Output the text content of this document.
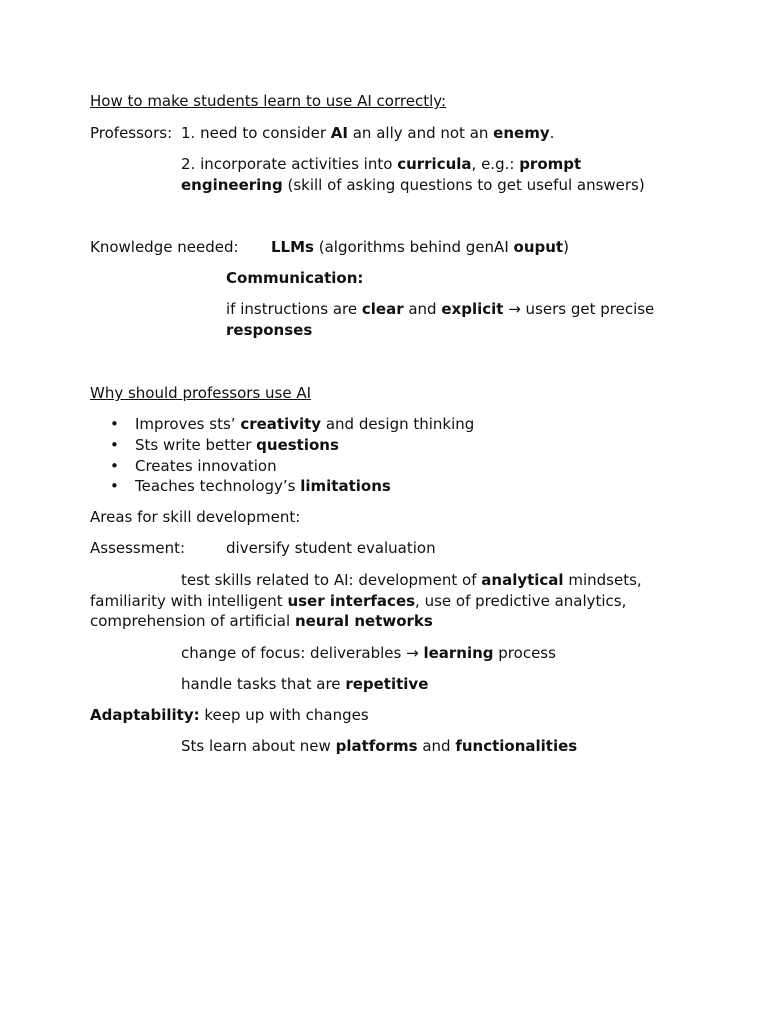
How to make students learn to use AI correctly:
Professors: 1. need to consider AI an ally and not an enemy.
2. incorporate activities into curricula, e.g.: prompt
engineering (skill of asking questions to get useful answers)
Knowledge needed: LLMs (algorithms behind genAI ouput)
Communication:
if instructions are clear and explicit → users get precise
responses
Why should professors use AI
• Improves sts’ creativity and design thinking
• Sts write better questions
• Creates innovation
• Teaches technology’s limitations
Areas for skill development:
Assessment:	diversify student evaluation
test skills related to AI: development of analytical mindsets,
familiarity with intelligent user interfaces, use of predictive analytics,
comprehension of artificial neural networks
change of focus: deliverables → learning process
handle tasks that are repetitive
Adaptability: keep up with changes
Sts learn about new platforms and functionalities
